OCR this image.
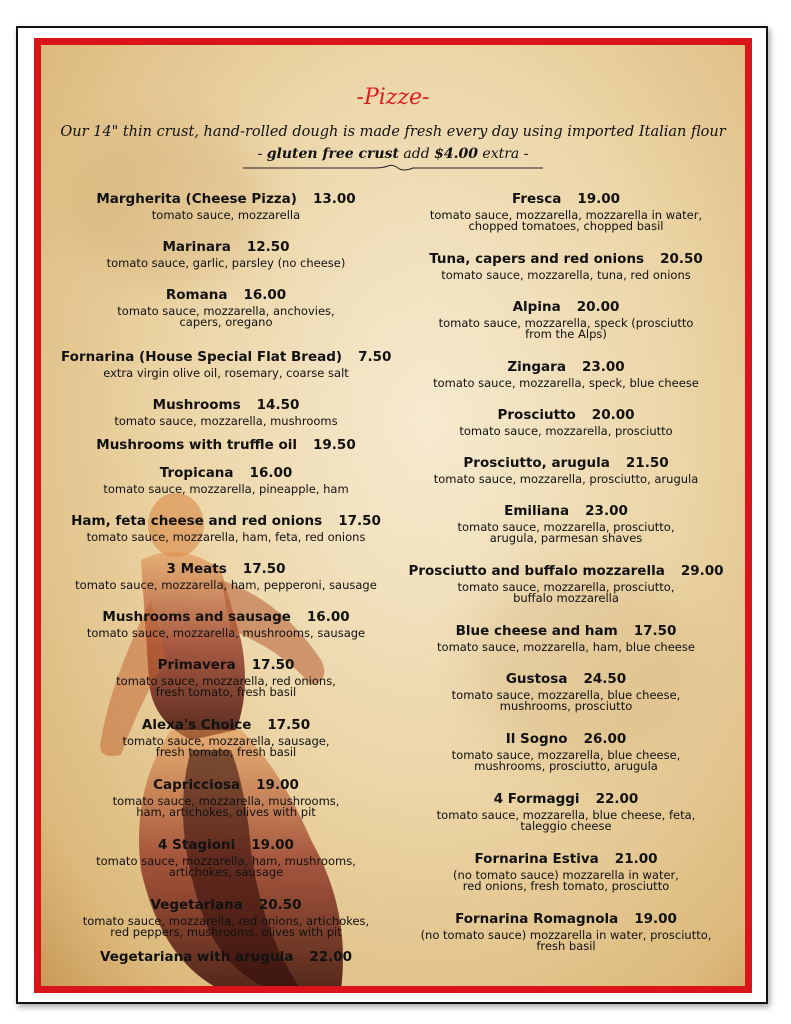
-Pizze-
Our 14" thin crust, hand-rolled dough is made fresh every day using imported Italian flour
- gluten free crust add $4.00 extra -
Margherita (Cheese Pizza) 13.00
tomato sauce, mozzarella
Marinara 12.50
tomato sauce, garlic, parsley (no cheese)
Romana 16.00
tomato sauce, mozzarella, anchovies,
capers, oregano
Fornarina (House Special Flat Bread) 7.50
extra virgin olive oil, rosemary, coarse salt
Mushrooms 14.50
tomato sauce, mozzarella, mushrooms
Mushrooms with truffle oil 19.50
Tropicana 16.00
tomato sauce, mozzarella, pineapple, ham
Ham, feta cheese and red onions 17.50
tomato sauce, mozzarella, ham, feta, red onions
3 Meats 17.50
tomato sauce, mozzarella, ham, pepperoni, sausage
Mushrooms and sausage 16.00
tomato sauce, mozzarella, mushrooms, sausage
Primavera 17.50
tomato sauce, mozzarella, red onions,
fresh tomato, fresh basil
Alexa's Choice 17.50
tomato sauce, mozzarella, sausage,
fresh tomato, fresh basil
Capricciosa 19.00
tomato sauce, mozzarella, mushrooms,
ham, artichokes, olives with pit
4 Stagioni 19.00
tomato sauce, mozzarella, ham, mushrooms,
artichokes, sausage
Vegetariana 20.50
tomato sauce, mozzarella, red onions, artichokes,
red peppers, mushrooms, olives with pit
Vegetariana with arugula 22.00
Fresca 19.00
tomato sauce, mozzarella, mozzarella in water,
chopped tomatoes, chopped basil
Tuna, capers and red onions 20.50
tomato sauce, mozzarella, tuna, red onions
Alpina 20.00
tomato sauce, mozzarella, speck (prosciutto
from the Alps)
Zingara 23.00
tomato sauce, mozzarella, speck, blue cheese
Prosciutto 20.00
tomato sauce, mozzarella, prosciutto
Prosciutto, arugula 21.50
tomato sauce, mozzarella, prosciutto, arugula
Emiliana 23.00
tomato sauce, mozzarella, prosciutto,
arugula, parmesan shaves
Prosciutto and buffalo mozzarella 29.00
tomato sauce, mozzarella, prosciutto,
buffalo mozzarella
Blue cheese and ham 17.50
tomato sauce, mozzarella, ham, blue cheese
Gustosa 24.50
tomato sauce, mozzarella, blue cheese,
mushrooms, prosciutto
Il Sogno 26.00
tomato sauce, mozzarella, blue cheese,
mushrooms, prosciutto, arugula
4 Formaggi 22.00
tomato sauce, mozzarella, blue cheese, feta,
taleggio cheese
Fornarina Estiva 21.00
(no tomato sauce) mozzarella in water,
red onions, fresh tomato, prosciutto
Fornarina Romagnola 19.00
(no tomato sauce) mozzarella in water, prosciutto,
fresh basil
